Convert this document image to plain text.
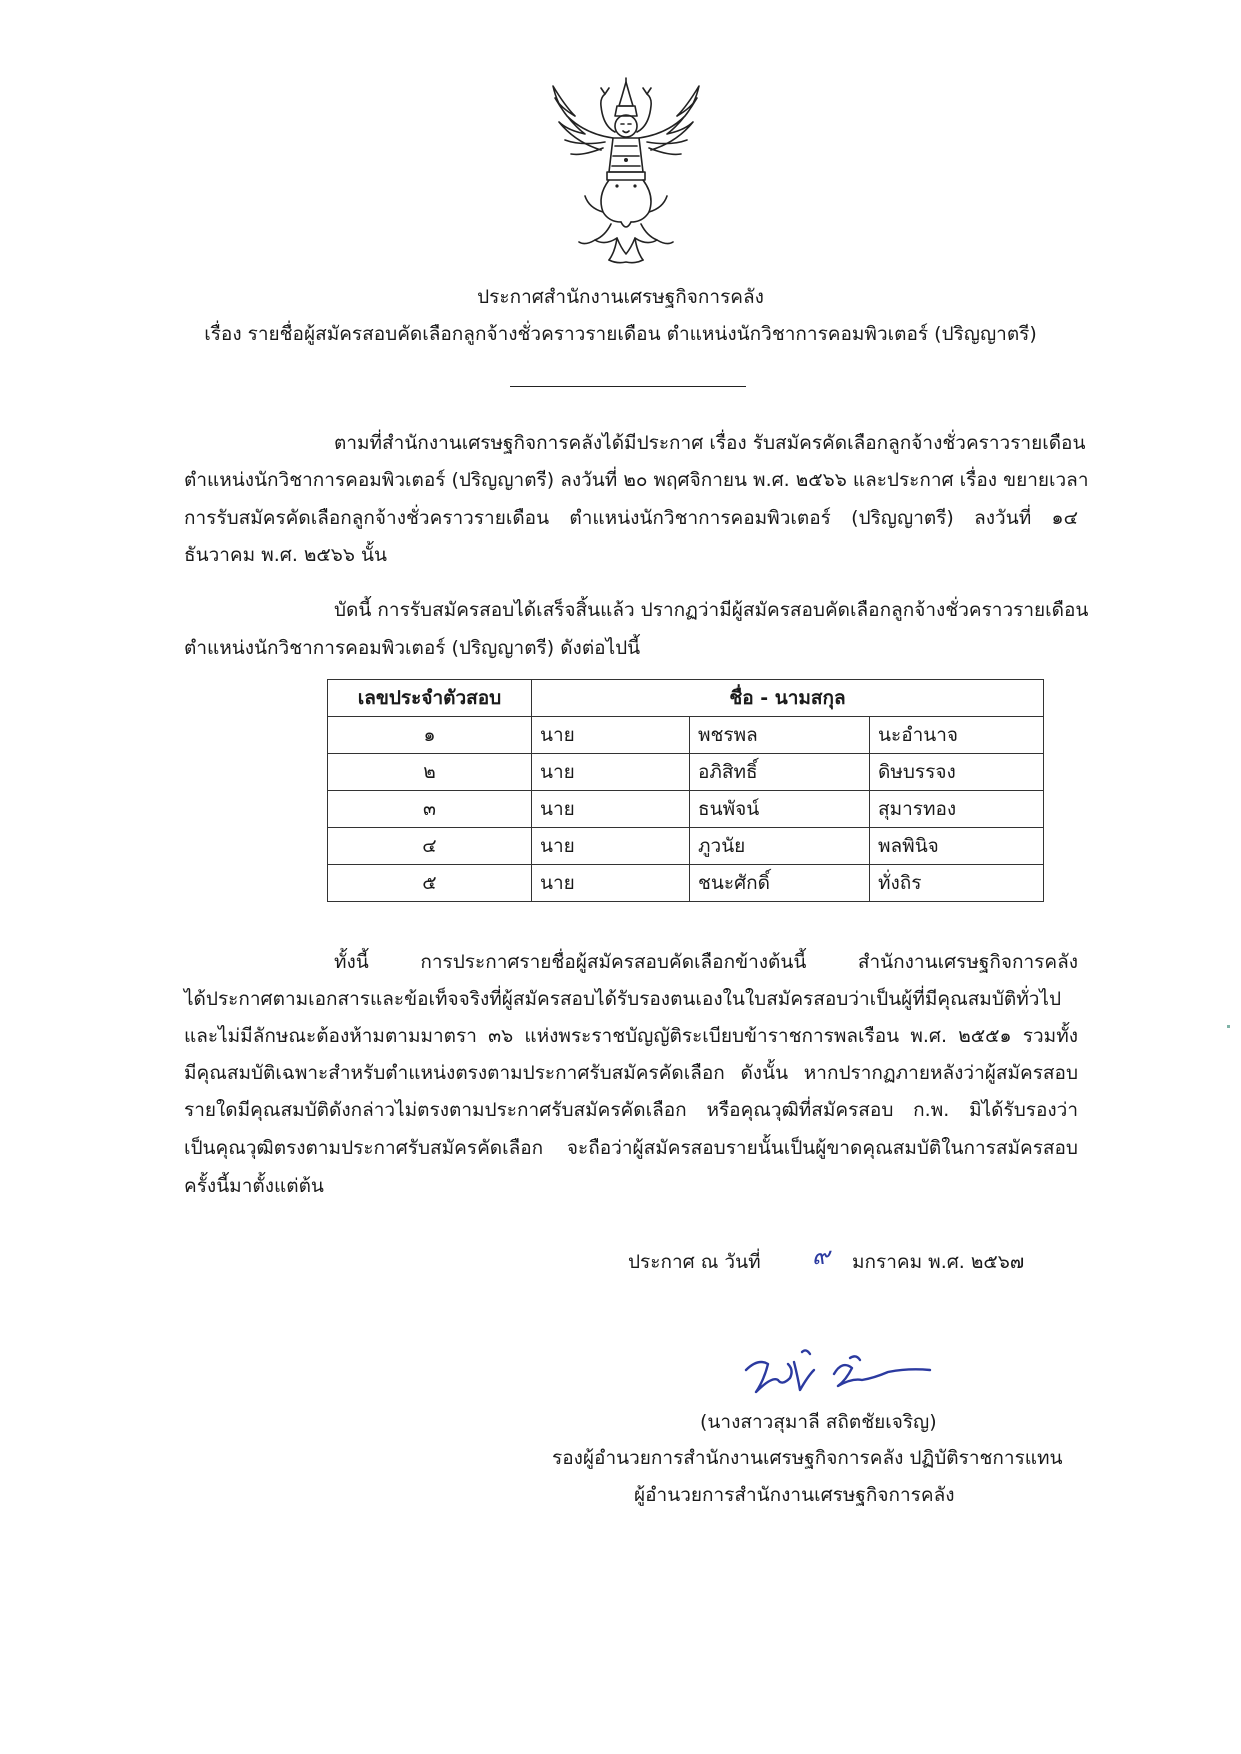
ประกาศสำนักงานเศรษฐกิจการคลัง
เรื่อง รายชื่อผู้สมัครสอบคัดเลือกลูกจ้างชั่วคราวรายเดือน ตำแหน่งนักวิชาการคอมพิวเตอร์ (ปริญญาตรี)
ตามที่สำนักงานเศรษฐกิจการคลังได้มีประกาศ เรื่อง รับสมัครคัดเลือกลูกจ้างชั่วคราวรายเดือน
ตำแหน่งนักวิชาการคอมพิวเตอร์ (ปริญญาตรี) ลงวันที่ ๒๐ พฤศจิกายน พ.ศ. ๒๕๖๖ และประกาศ เรื่อง ขยายเวลา
การรับสมัครคัดเลือกลูกจ้างชั่วคราวรายเดือน ตำแหน่งนักวิชาการคอมพิวเตอร์ (ปริญญาตรี) ลงวันที่ ๑๔
ธันวาคม พ.ศ. ๒๕๖๖ นั้น
บัดนี้ การรับสมัครสอบได้เสร็จสิ้นแล้ว ปรากฏว่ามีผู้สมัครสอบคัดเลือกลูกจ้างชั่วคราวรายเดือน
ตำแหน่งนักวิชาการคอมพิวเตอร์ (ปริญญาตรี) ดังต่อไปนี้
เลขประจำตัวสอบ	ชื่อ - นามสกุล		
๑	นาย	พชรพล	นะอำนาจ
๒	นาย	อภิสิทธิ์	ดิษบรรจง
๓	นาย	ธนพัจน์	สุมารทอง
๔	นาย	ภูวนัย	พลพินิจ
๕	นาย	ชนะศักดิ์	ทั่งถิร
ทั้งนี้ การประกาศรายชื่อผู้สมัครสอบคัดเลือกข้างต้นนี้ สำนักงานเศรษฐกิจการคลัง
ได้ประกาศตามเอกสารและข้อเท็จจริงที่ผู้สมัครสอบได้รับรองตนเองในใบสมัครสอบว่าเป็นผู้ที่มีคุณสมบัติทั่วไป
และไม่มีลักษณะต้องห้ามตามมาตรา ๓๖ แห่งพระราชบัญญัติระเบียบข้าราชการพลเรือน พ.ศ. ๒๕๕๑ รวมทั้ง
มีคุณสมบัติเฉพาะสำหรับตำแหน่งตรงตามประกาศรับสมัครคัดเลือก ดังนั้น หากปรากฏภายหลังว่าผู้สมัครสอบ
รายใดมีคุณสมบัติดังกล่าวไม่ตรงตามประกาศรับสมัครคัดเลือก หรือคุณวุฒิที่สมัครสอบ ก.พ. มิได้รับรองว่า
เป็นคุณวุฒิตรงตามประกาศรับสมัครคัดเลือก จะถือว่าผู้สมัครสอบรายนั้นเป็นผู้ขาดคุณสมบัติในการสมัครสอบ
ครั้งนี้มาตั้งแต่ต้น
ประกาศ ณ วันที่ ๙ มกราคม พ.ศ. ๒๕๖๗
(นางสาวสุมาลี สถิตชัยเจริญ)
รองผู้อำนวยการสำนักงานเศรษฐกิจการคลัง ปฏิบัติราชการแทน
ผู้อำนวยการสำนักงานเศรษฐกิจการคลัง
